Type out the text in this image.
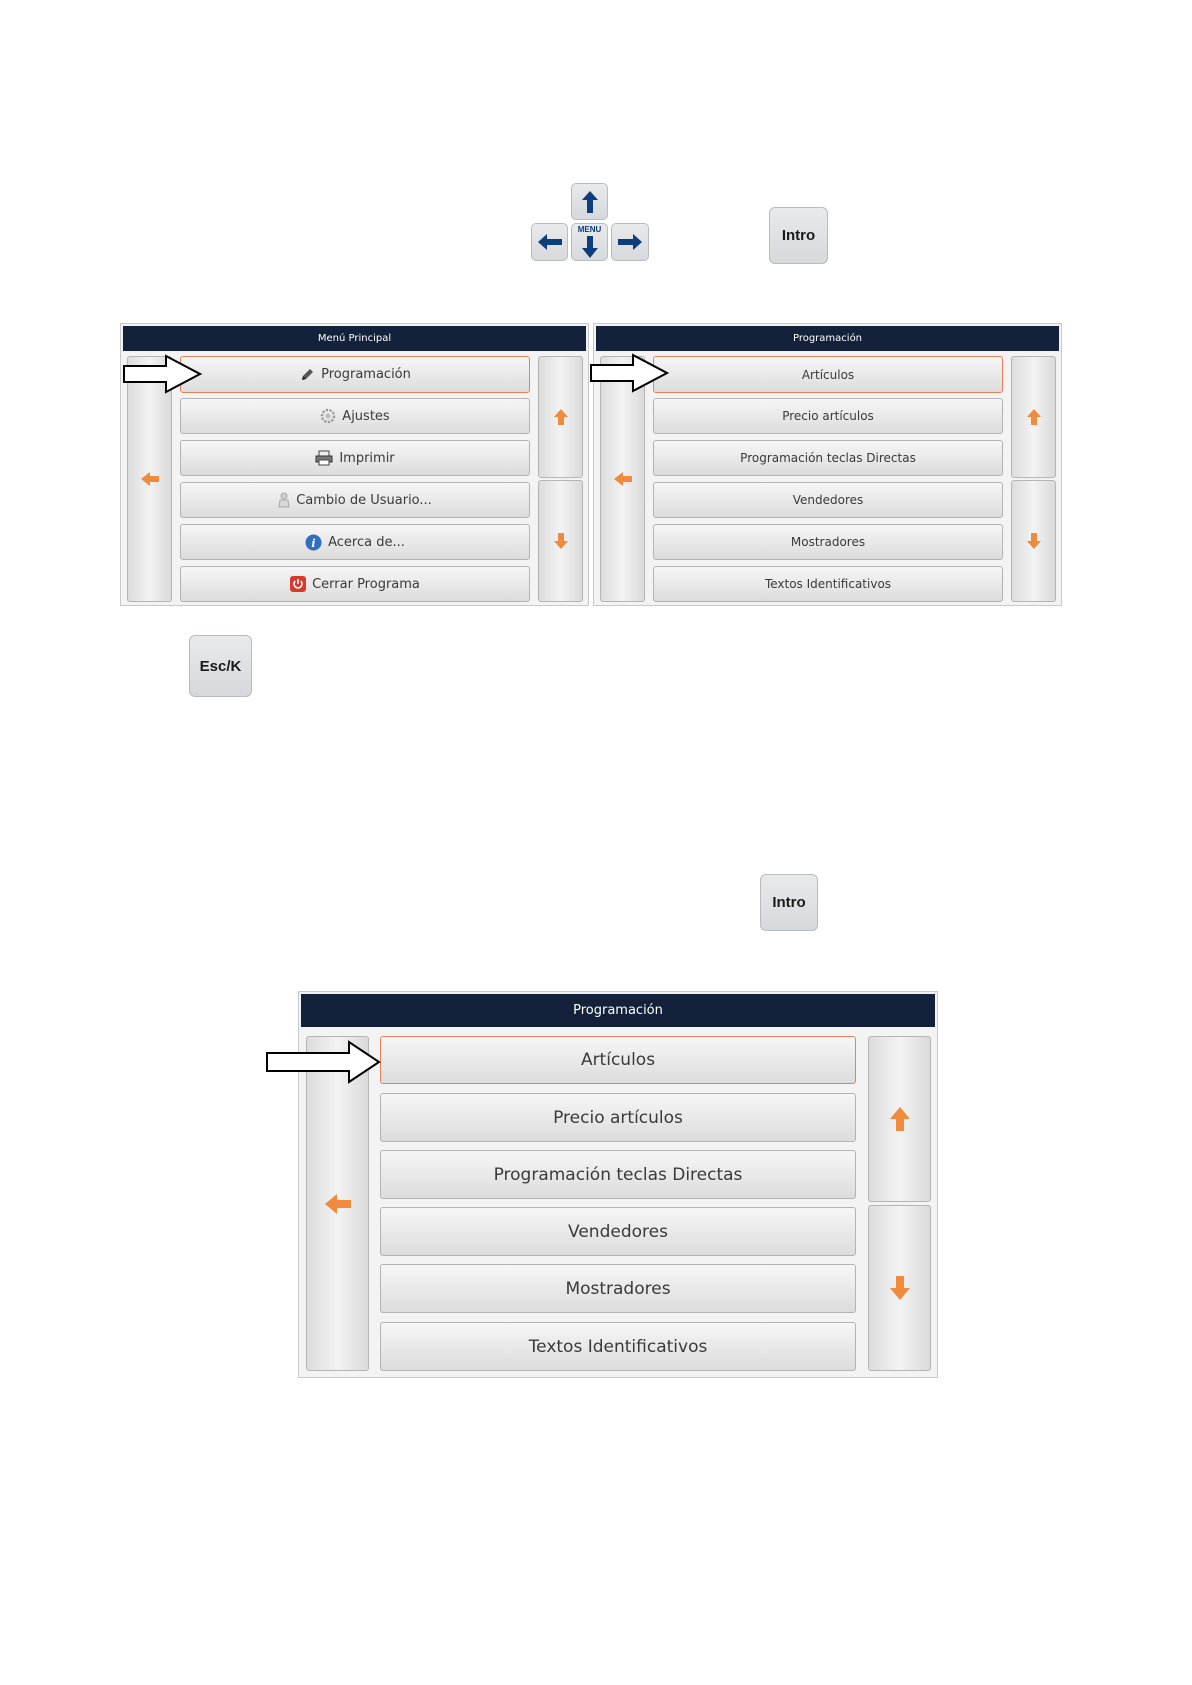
MENU	Intro
Menú Principal
Programación
Ajustes
Imprimir
Cambio de Usuario...
i Acerca de...
Cerrar Programa
Programación
Artículos
Precio artículos
Programación teclas Directas
Vendedores
Mostradores
Textos Identificativos
Esc/K
Intro
Programación
Artículos
Precio artículos
Programación teclas Directas
Vendedores
Mostradores
Textos Identificativos
